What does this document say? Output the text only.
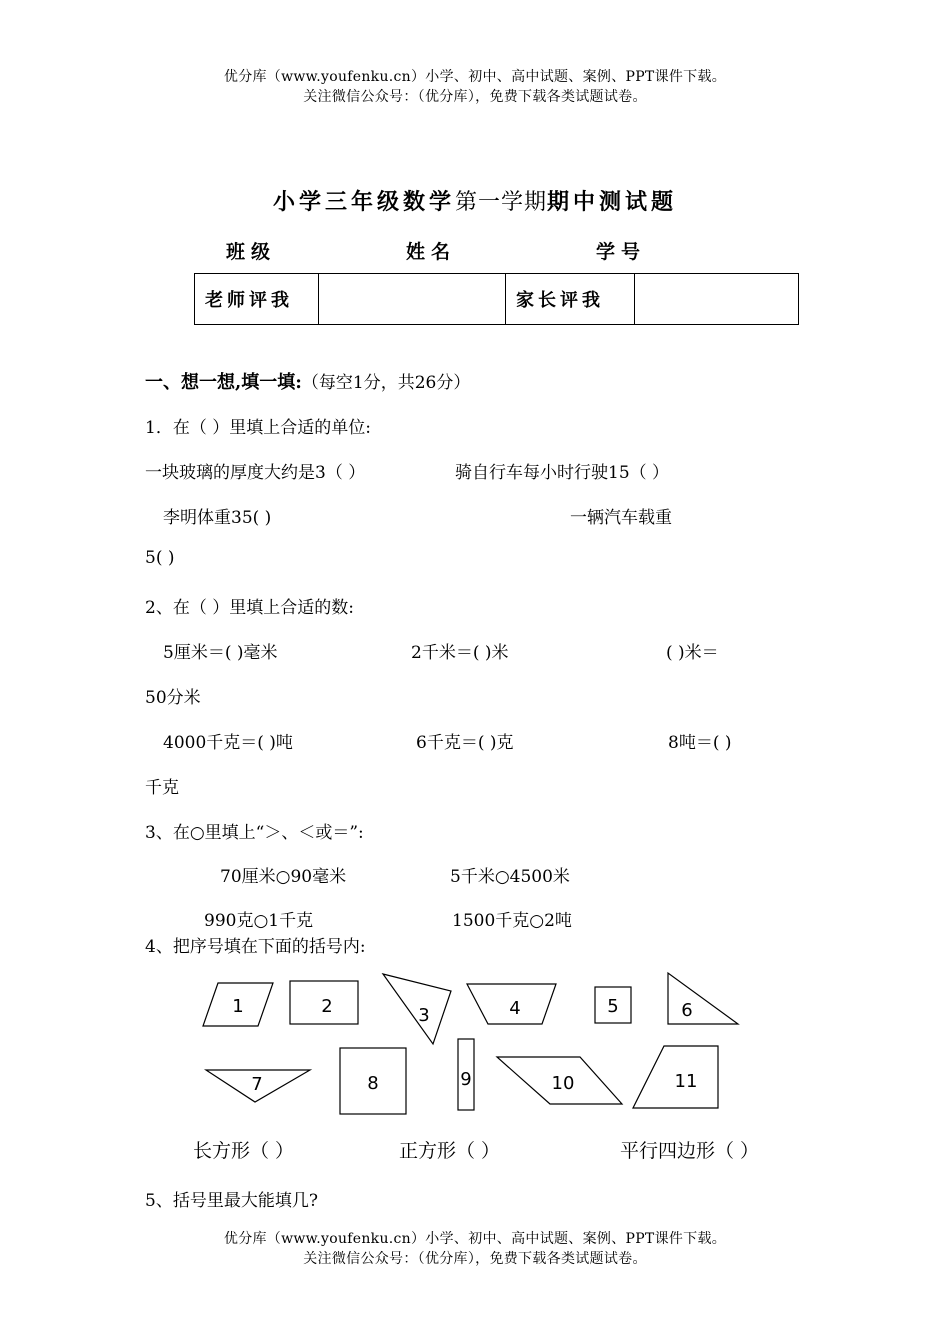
优分库（www.youfenku.cn）小学、初中、高中试题、案例、PPT课件下载。
关注微信公众号：（优分库），免费下载各类试题试卷。
小学三年级数学第一学期期中测试题
班级	姓名	学号
老师评我		家长评我	
一、想一想,填一填:（每空1分，共26分）
1．在（ ）里填上合适的单位:
一块玻璃的厚度大约是3（ ）	骑自行车每小时行驶15（ ）
李明体重35( )	一辆汽车载重
5( )
2、在（ ）里填上合适的数:
5厘米＝( )毫米	2千米＝( )米	( )米＝
50分米
4000千克＝( )吨	6千克＝( )克	8吨＝( )
千克
3、在○里填上“＞、＜或＝”:
70厘米○90毫米	5千米○4500米
990克○1千克	1500千克○2吨
4、把序号填在下面的括号内:
1	2	3	4	5	6
7	8	9	10	11
长方形（ ）	正方形（ ）	平行四边形（ ）
5、括号里最大能填几?
优分库（www.youfenku.cn）小学、初中、高中试题、案例、PPT课件下载。
关注微信公众号：（优分库），免费下载各类试题试卷。
